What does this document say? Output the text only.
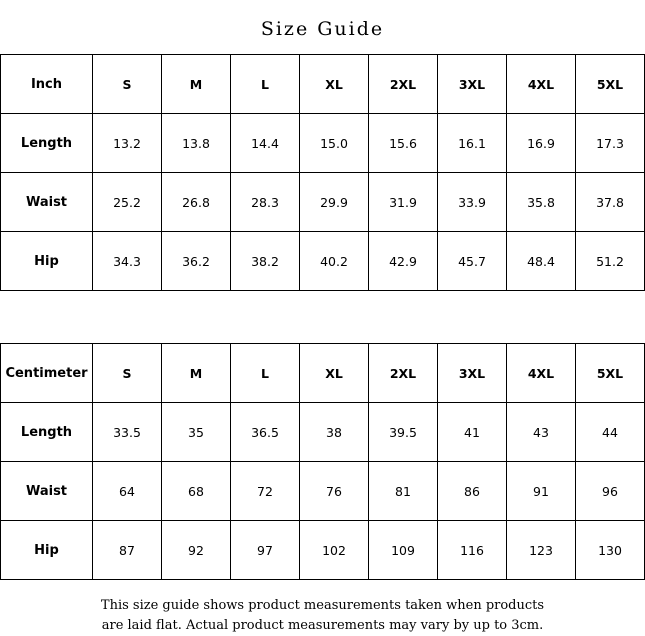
Size Guide
Inch	S	M	L	XL	2XL	3XL	4XL	5XL
Length	13.2	13.8	14.4	15.0	15.6	16.1	16.9	17.3
Waist	25.2	26.8	28.3	29.9	31.9	33.9	35.8	37.8
Hip	34.3	36.2	38.2	40.2	42.9	45.7	48.4	51.2
Centimeter	S	M	L	XL	2XL	3XL	4XL	5XL
Length	33.5	35	36.5	38	39.5	41	43	44
Waist	64	68	72	76	81	86	91	96
Hip	87	92	97	102	109	116	123	130
This size guide shows product measurements taken when products
are laid flat. Actual product measurements may vary by up to 3cm.
